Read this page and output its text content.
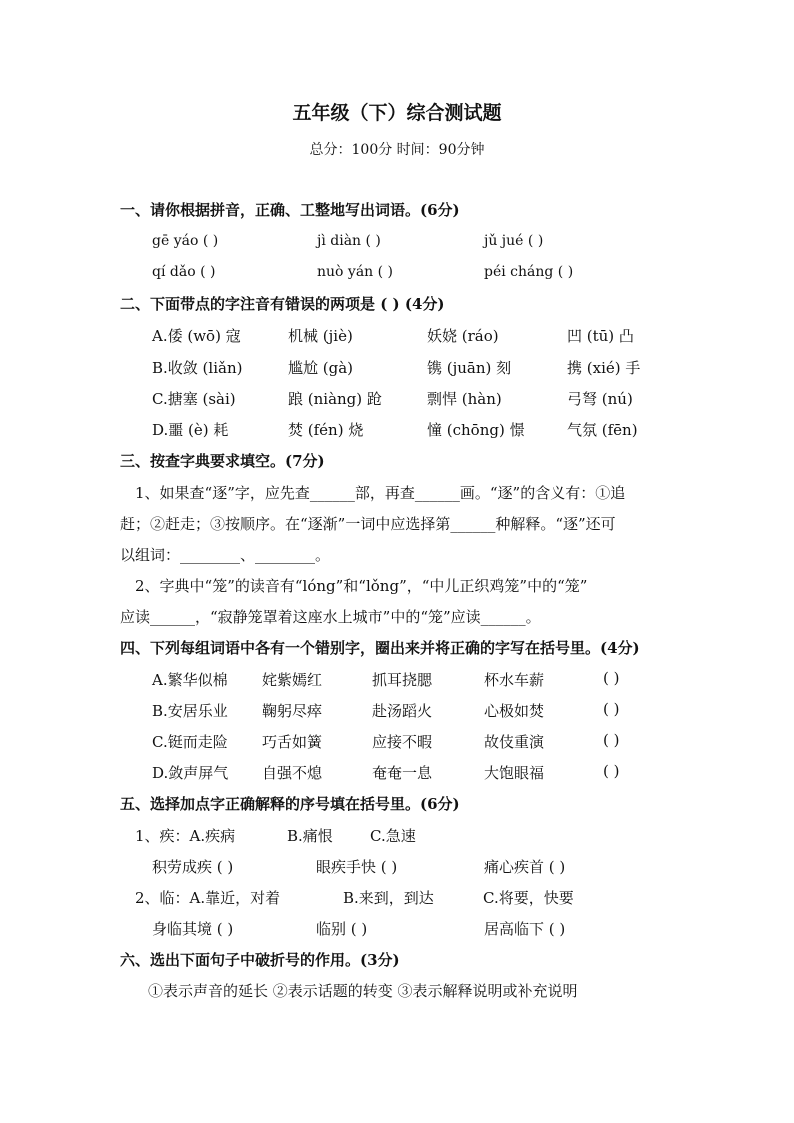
五年级（下）综合测试题
总分：100分 时间：90分钟
一、请你根据拼音，正确、工整地写出词语。(6分)
gē yáo ( )	jì diàn ( )	jǔ jué ( )
qí dǎo ( )	nuò yán ( )	péi cháng ( )
二、下面带点的字注音有错误的两项是 ( ) (4分)
A.倭 (wō) 寇	机械 (jiè)	妖娆 (ráo)	凹 (tū) 凸
B.收敛 (liǎn)	尴尬 (gà)	镌 (juān) 刻	携 (xié) 手
C.搪塞 (sài)	踉 (niàng) 跄	剽悍 (hàn)	弓弩 (nú)
D.噩 (è) 耗	焚 (fén) 烧	憧 (chōng) 憬	气氛 (fēn)
三、按查字典要求填空。(7分)
1、如果查“逐”字，应先查______部，再查______画。“逐”的含义有：①追
赶；②赶走；③按顺序。在“逐渐”一词中应选择第______种解释。“逐”还可
以组词：________、________。
2、字典中“笼”的读音有“lóng”和“lǒng”，“中儿正织鸡笼”中的“笼”
应读______，“寂静笼罩着这座水上城市”中的“笼”应读______。
四、下列每组词语中各有一个错别字，圈出来并将正确的字写在括号里。(4分)
A.繁华似棉 姹紫嫣红	抓耳挠腮	杯水车薪	( )
B.安居乐业 鞠躬尽瘁	赴汤蹈火	心极如焚	( )
C.铤而走险 巧舌如簧	应接不暇	故伎重演	( )
D.敛声屏气 自强不熄	奄奄一息	大饱眼福	( )
五、选择加点字正确解释的序号填在括号里。(6分)
1、疾：A.疾病	B.痛恨 C.急速
积劳成疾 ( )	眼疾手快 ( )	痛心疾首 ( )
2、临：A.靠近，对着	B.来到，到达	C.将要，快要
身临其境 ( )	临别 ( )	居高临下 ( )
六、选出下面句子中破折号的作用。(3分)
①表示声音的延长 ②表示话题的转变 ③表示解释说明或补充说明
